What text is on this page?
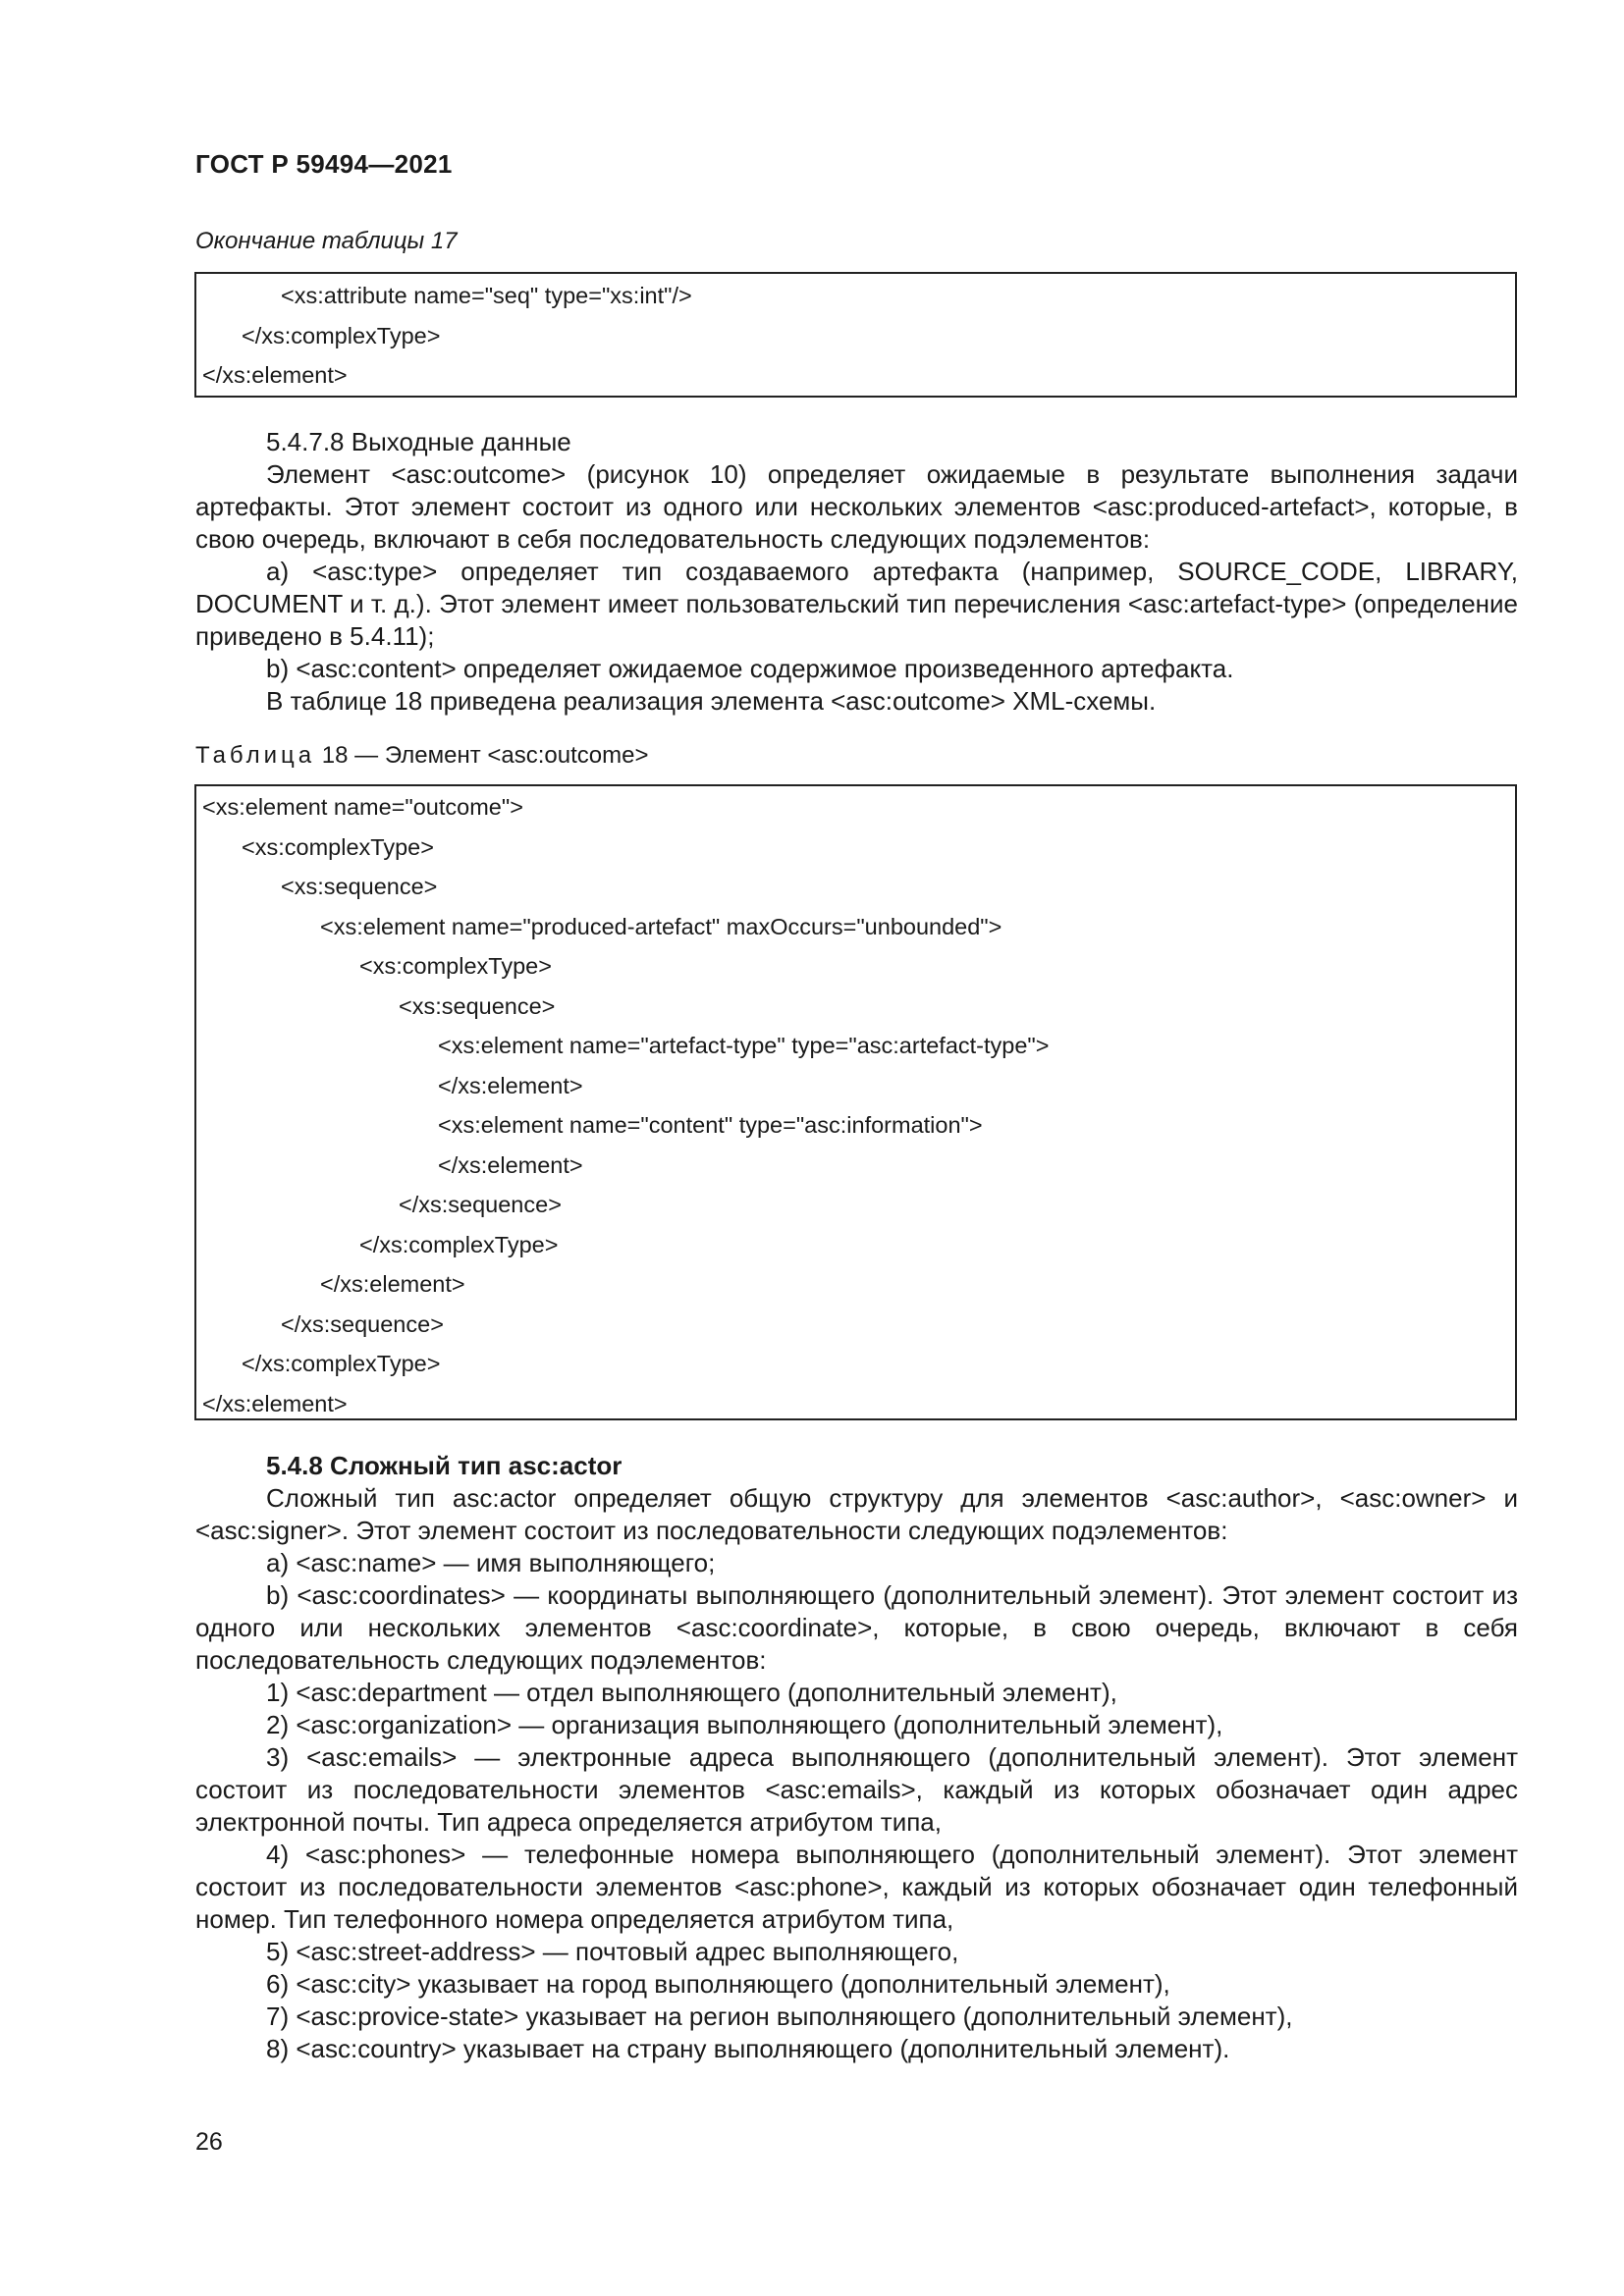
ГОСТ Р 59494—2021
Окончание таблицы 17
<xs:attribute name="seq" type="xs:int"/>
</xs:complexType>
</xs:element>

5.4.7.8 Выходные данные

Элемент <asc:outcome> (рисунок 10) определяет ожидаемые в результате выполнения задачи артефакты. Этот элемент состоит из одного или нескольких элементов <asc:produced-artefact>, которые, в свою очередь, включают в себя последовательность следующих подэлементов:

a) <asc:type> определяет тип создаваемого артефакта (например, SOURCE_CODE, LIBRARY, DOCUMENT и т. д.). Этот элемент имеет пользовательский тип перечисления <asc:artefact-type> (определение приведено в 5.4.11);

b) <asc:content> определяет ожидаемое содержимое произведенного артефакта.

В таблице 18 приведена реализация элемента <asc:outcome> XML-схемы.

Таблица 18 — Элемент <asc:outcome>
<xs:element name="outcome">
<xs:complexType>
<xs:sequence>
<xs:element name="produced-artefact" maxOccurs="unbounded">
<xs:complexType>
<xs:sequence>
<xs:element name="artefact-type" type="asc:artefact-type">
</xs:element>
<xs:element name="content" type="asc:information">
</xs:element>
</xs:sequence>
</xs:complexType>
</xs:element>
</xs:sequence>
</xs:complexType>
</xs:element>

5.4.8 Сложный тип asc:actor

Сложный тип asc:actor определяет общую структуру для элементов <asc:author>, <asc:owner> и <asc:signer>. Этот элемент состоит из последовательности следующих подэлементов:

a) <asc:name> — имя выполняющего;

b) <asc:coordinates> — координаты выполняющего (дополнительный элемент). Этот элемент состоит из одного или нескольких элементов <asc:coordinate>, которые, в свою очередь, включают в себя последовательность следующих подэлементов:

1) <asc:department — отдел выполняющего (дополнительный элемент),

2) <asc:organization> — организация выполняющего (дополнительный элемент),

3) <asc:emails> — электронные адреса выполняющего (дополнительный элемент). Этот элемент состоит из последовательности элементов <asc:emails>, каждый из которых обозначает один адрес электронной почты. Тип адреса определяется атрибутом типа,

4) <asc:phones> — телефонные номера выполняющего (дополнительный элемент). Этот элемент состоит из последовательности элементов <asc:phone>, каждый из которых обозначает один телефонный номер. Тип телефонного номера определяется атрибутом типа,

5) <asc:street-address> — почтовый адрес выполняющего,

6) <asc:city> указывает на город выполняющего (дополнительный элемент),

7) <asc:provice-state> указывает на регион выполняющего (дополнительный элемент),

8) <asc:country> указывает на страну выполняющего (дополнительный элемент).

26
